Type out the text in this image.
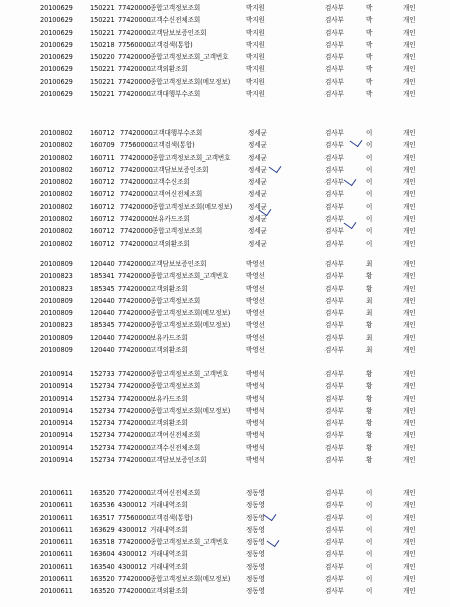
20100629	150221 77420000 종합고객정보조회	박지원	검사부	박	개인
20100629	150221 77420000 고객수신전체조회	박지원	검사부	박	개인
20100629	150221 77420000 고객담보보증인조회	박지원	검사부	박	개인
20100629	150218 77560000 고객검색(통합)	박지원	검사부	박	개인
20100629	150220 77420000 종합고객정보조회_고객번호	박지원	검사부	박	개인
20100629	150221 77420000 고객외환조회	박지원	검사부	박	개인
20100629	150221 77420000 종합고객정보조회(메모정보) 박지원	검사부	박	개인
20100629	150221 77420000 고객대행부수조회	박지원	검사부	박	개인
20100802	160712 77420000 고객대행부수조회	정세균	검사부	이	개인
20100802	160709 77560000 고객검색(통합)	정세균	검사부	이	개인
20100802	160711 77420000 종합고객정보조회_고객번호	정세균	검사부	이	개인
20100802	160712 77420000 고객담보보증인조회	정세균	검사부	이	개인
20100802	160712 77420000 고객수신조회	정세균	검사부	이	개인
20100802	160712 77420000 고객여신전체조회	정세균	검사부	이	개인
20100802	160712 77420000 종합고객정보조회(메모정보) 정세균	검사부	이	개인
20100802	160712 77420000 보유카드조회	정세균	검사부	이	개인
20100802	160712 77420000 종합고객정보조회	정세균	검사부	이	개인
20100802	160712 77420000 고객외환조회	정세균	검사부	이	개인
20100809	120440 77420000 고객담보보증인조회	박영선	검사부	최	개인
20100823	185341 77420000 종합고객정보조회_고객번호	박영선	검사부	황	개인
20100823	185345 77420000 고객외환조회	박영선	검사부	황	개인
20100809	120440 77420000 종합고객정보조회	박영선	검사부	최	개인
20100809	120440 77420000 종합고객정보조회(메모정보) 박영선	검사부	최	개인
20100823	185345 77420000 종합고객정보조회(메모정보) 박영선	검사부	황	개인
20100809	120440 77420000 보유카드조회	박영선	검사부	최	개인
20100809	120440 77420000 고객외환조회	박영선	검사부	최	개인
20100914	152733 77420000 종합고객정보조회_고객번호	박병석	검사부	황	개인
20100914	152734 77420000 종합고객정보조회	박병석	검사부	황	개인
20100914	152734 77420000 보유카드조회	박병석	검사부	황	개인
20100914	152734 77420000 종합고객정보조회(메모정보) 박병석	검사부	황	개인
20100914	152734 77420000 고객외환조회	박병석	검사부	황	개인
20100914	152734 77420000 고객여신전체조회	박병석	검사부	황	개인
20100914	152734 77420000 고객수신전체조회	박병석	검사부	황	개인
20100914	152734 77420000 고객담보보증인조회	박병석	검사부	황	개인
20100611	163520 77420000 고객여신전체조회	정동영	검사부	이	개인
20100611	163536 4300012 거래내역조회	정동영	검사부	이	개인
20100611	163517 77560000 고객검색(통합)	정동영	검사부	이	개인
20100611	163629 4300012 거래내역조회	정동영	검사부	이	개인
20100611	163518 77420000 종합고객정보조회_고객번호	정동영	검사부	이	개인
20100611	163604 4300012 거래내역조회	정동영	검사부	이	개인
20100611	163540 4300012 거래내역조회	정동영	검사부	이	개인
20100611	163520 77420000 종합고객정보조회(메모정보) 정동영	검사부	이	개인
20100611	163520 77420000 고객외환조회	정동영	검사부	이	개인
